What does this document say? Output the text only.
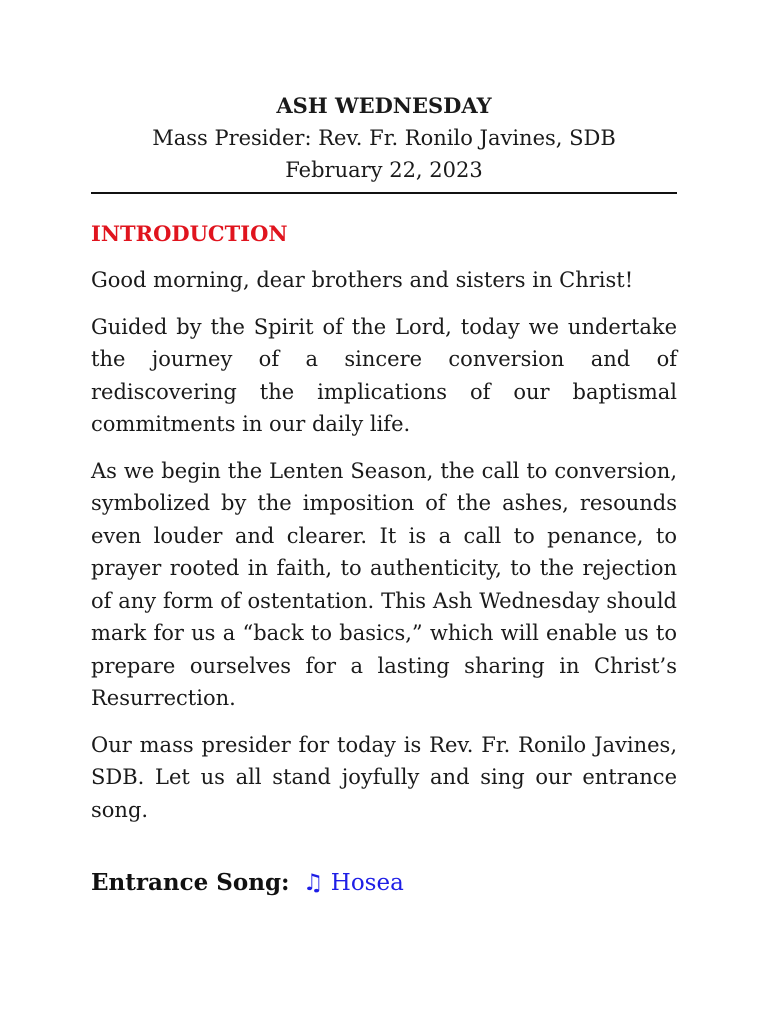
ASH WEDNESDAY

Mass Presider: Rev. Fr. Ronilo Javines, SDB

February 22, 2023

INTRODUCTION

Good morning, dear brothers and sisters in Christ!

Guided by the Spirit of the Lord, today we undertake the journey of a sincere conversion and of rediscovering the implications of our baptismal commitments in our daily life.

As we begin the Lenten Season, the call to conversion, symbolized by the imposition of the ashes, resounds even louder and clearer. It is a call to penance, to prayer rooted in faith, to authenticity, to the rejection of any form of ostentation. This Ash Wednesday should mark for us a “back to basics,” which will enable us to prepare ourselves for a lasting sharing in Christ’s Resurrection.

Our mass presider for today is Rev. Fr. Ronilo Javines, SDB. Let us all stand joyfully and sing our entrance song.

Entrance Song: ♫ Hosea
